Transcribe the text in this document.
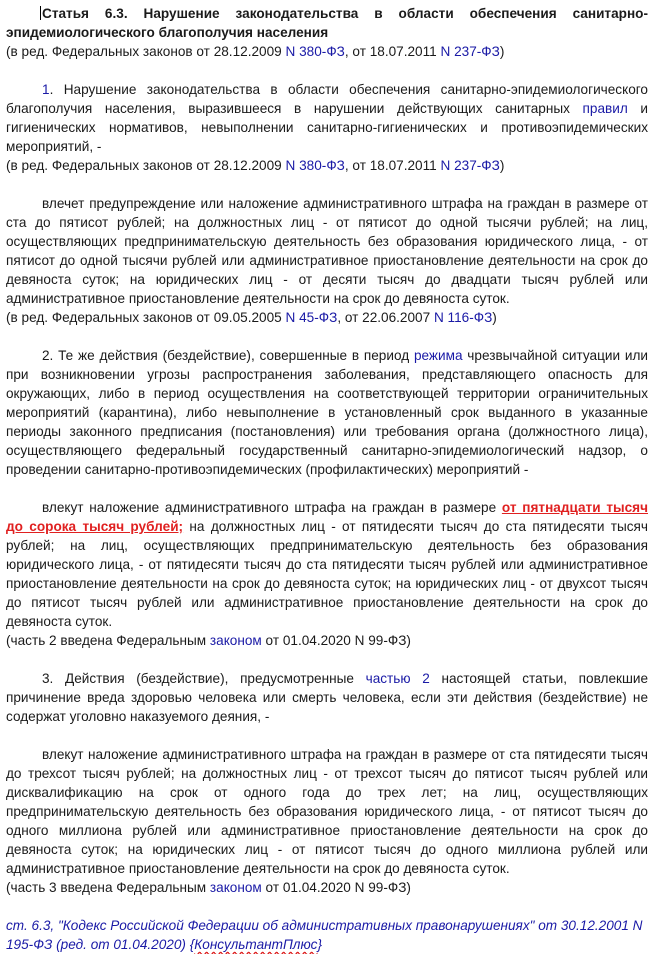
Статья 6.3. Нарушение законодательства в области обеспечения санитарно-эпидемиологического благополучия населения

(в ред. Федеральных законов от 28.12.2009 N 380-ФЗ, от 18.07.2011 N 237-ФЗ)

1. Нарушение законодательства в области обеспечения санитарно-эпидемиологического благополучия населения, выразившееся в нарушении действующих санитарных правил и гигиенических нормативов, невыполнении санитарно-гигиенических и противоэпидемических мероприятий, -

(в ред. Федеральных законов от 28.12.2009 N 380-ФЗ, от 18.07.2011 N 237-ФЗ)

влечет предупреждение или наложение административного штрафа на граждан в размере от ста до пятисот рублей; на должностных лиц - от пятисот до одной тысячи рублей; на лиц, осуществляющих предпринимательскую деятельность без образования юридического лица, - от пятисот до одной тысячи рублей или административное приостановление деятельности на срок до девяноста суток; на юридических лиц - от десяти тысяч до двадцати тысяч рублей или административное приостановление деятельности на срок до девяноста суток.

(в ред. Федеральных законов от 09.05.2005 N 45-ФЗ, от 22.06.2007 N 116-ФЗ)

2. Те же действия (бездействие), совершенные в период режима чрезвычайной ситуации или при возникновении угрозы распространения заболевания, представляющего опасность для окружающих, либо в период осуществления на соответствующей территории ограничительных мероприятий (карантина), либо невыполнение в установленный срок выданного в указанные периоды законного предписания (постановления) или требования органа (должностного лица), осуществляющего федеральный государственный санитарно-эпидемиологический надзор, о проведении санитарно-противоэпидемических (профилактических) мероприятий -

влекут наложение административного штрафа на граждан в размере от пятнадцати тысяч до сорока тысяч рублей; на должностных лиц - от пятидесяти тысяч до ста пятидесяти тысяч рублей; на лиц, осуществляющих предпринимательскую деятельность без образования юридического лица, - от пятидесяти тысяч до ста пятидесяти тысяч рублей или административное приостановление деятельности на срок до девяноста суток; на юридических лиц - от двухсот тысяч до пятисот тысяч рублей или административное приостановление деятельности на срок до девяноста суток.

(часть 2 введена Федеральным законом от 01.04.2020 N 99-ФЗ)

3. Действия (бездействие), предусмотренные частью 2 настоящей статьи, повлекшие причинение вреда здоровью человека или смерть человека, если эти действия (бездействие) не содержат уголовно наказуемого деяния, -

влекут наложение административного штрафа на граждан в размере от ста пятидесяти тысяч до трехсот тысяч рублей; на должностных лиц - от трехсот тысяч до пятисот тысяч рублей или дисквалификацию на срок от одного года до трех лет; на лиц, осуществляющих предпринимательскую деятельность без образования юридического лица, - от пятисот тысяч до одного миллиона рублей или административное приостановление деятельности на срок до девяноста суток; на юридических лиц - от пятисот тысяч до одного миллиона рублей или административное приостановление деятельности на срок до девяноста суток.

(часть 3 введена Федеральным законом от 01.04.2020 N 99-ФЗ)

ст. 6.3, "Кодекс Российской Федерации об административных правонарушениях" от 30.12.2001 N 195-ФЗ (ред. от 01.04.2020) {КонсультантПлюс}
